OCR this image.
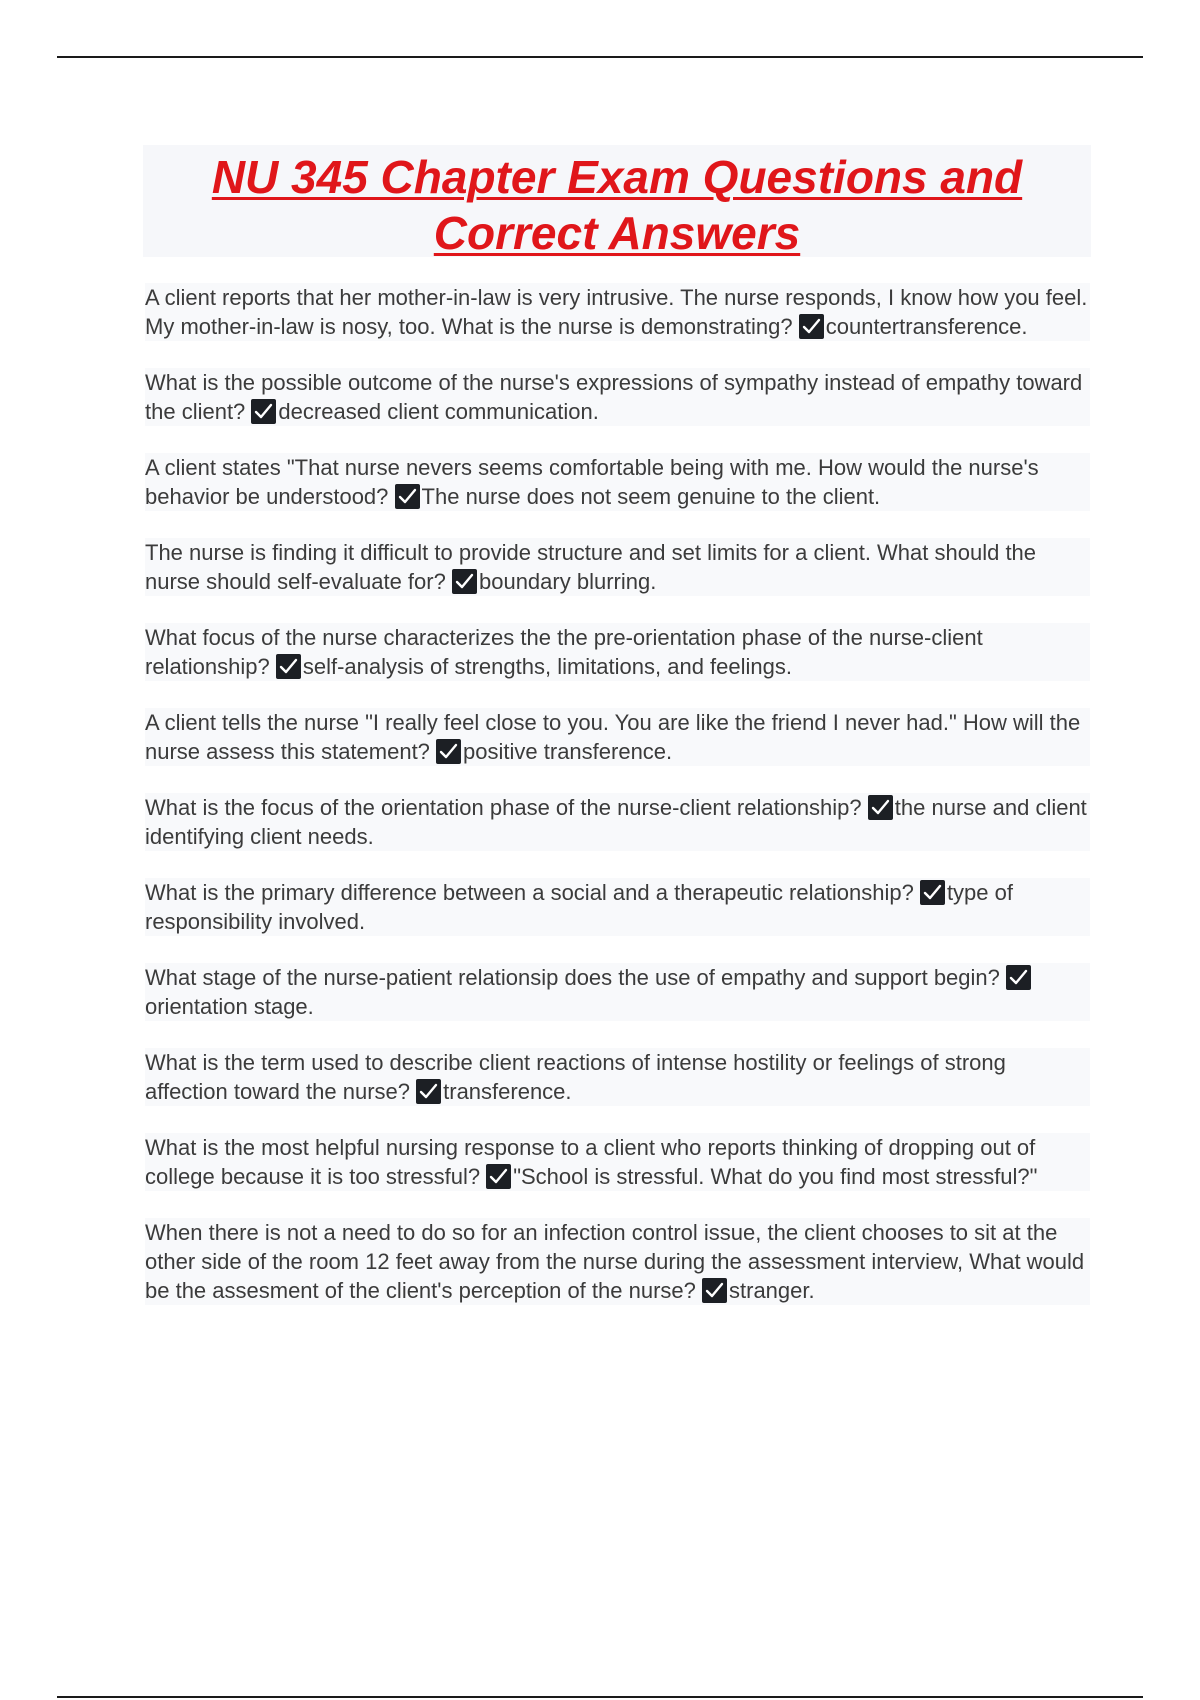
NU 345 Chapter Exam Questions and
Correct Answers
A client reports that her mother-in-law is very intrusive. The nurse responds, I know how you feel. My mother-in-law is nosy, too. What is the nurse is demonstrating? countertransference.
What is the possible outcome of the nurse's expressions of sympathy instead of empathy toward the client? decreased client communication.
A client states "That nurse nevers seems comfortable being with me. How would the nurse's behavior be understood? The nurse does not seem genuine to the client.
The nurse is finding it difficult to provide structure and set limits for a client. What should the nurse should self-evaluate for? boundary blurring.
What focus of the nurse characterizes the the pre-orientation phase of the nurse-client relationship? self-analysis of strengths, limitations, and feelings.
A client tells the nurse "I really feel close to you. You are like the friend I never had." How will the nurse assess this statement? positive transference.
What is the focus of the orientation phase of the nurse-client relationship? the nurse and client identifying client needs.
What is the primary difference between a social and a therapeutic relationship? type of responsibility involved.
What stage of the nurse-patient relationsip does the use of empathy and support begin?
orientation stage.
What is the term used to describe client reactions of intense hostility or feelings of strong affection toward the nurse? transference.
What is the most helpful nursing response to a client who reports thinking of dropping out of college because it is too stressful? "School is stressful. What do you find most stressful?"
When there is not a need to do so for an infection control issue, the client chooses to sit at the other side of the room 12 feet away from the nurse during the assessment interview, What would be the assesment of the client's perception of the nurse? stranger.
